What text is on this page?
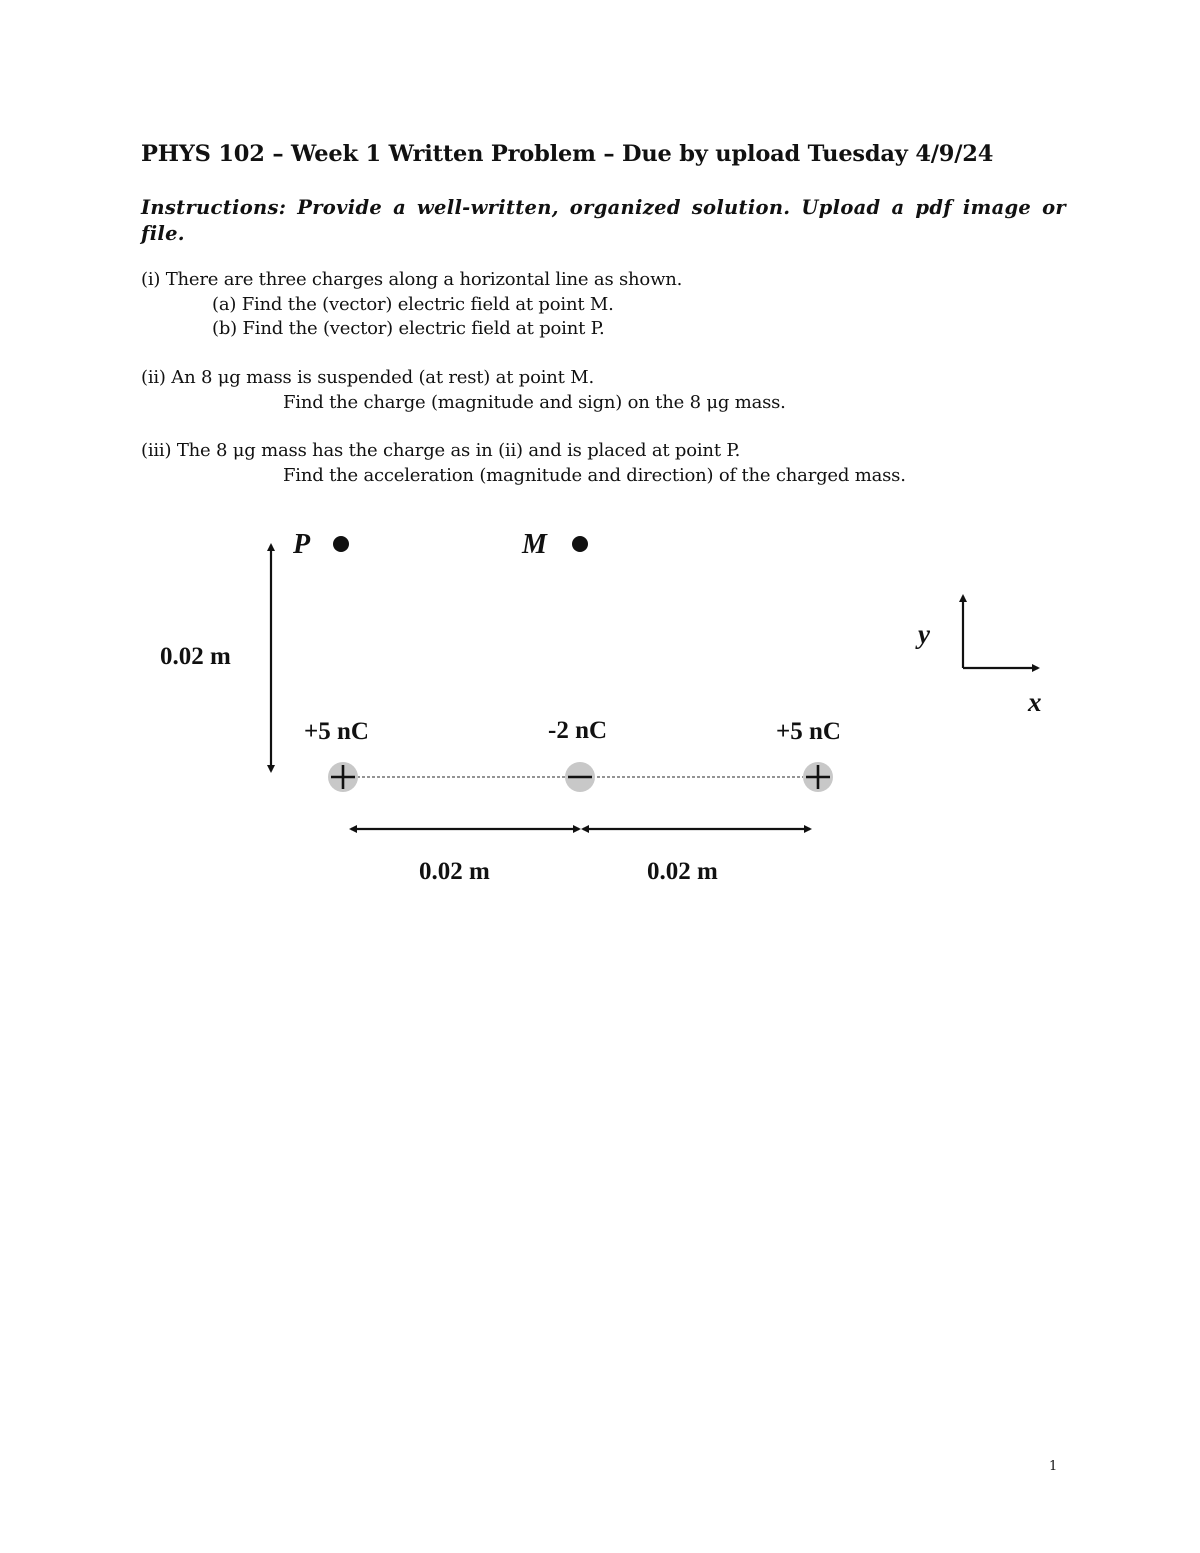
PHYS 102 – Week 1 Written Problem – Due by upload Tuesday 4/9/24
Instructions: Provide a well-written, organized solution. Upload a pdf image or file.
(i) There are three charges along a horizontal line as shown.
(a) Find the (vector) electric field at point M.
(b) Find the (vector) electric field at point P.
(ii) An 8 μg mass is suspended (at rest) at point M.
Find the charge (magnitude and sign) on the 8 μg mass.
(iii) The 8 μg mass has the charge as in (ii) and is placed at point P.
Find the acceleration (magnitude and direction) of the charged mass.
P	M
0.02 m
y
x
+5 nC	-2 nC	+5 nC
0.02 m	0.02 m
1
